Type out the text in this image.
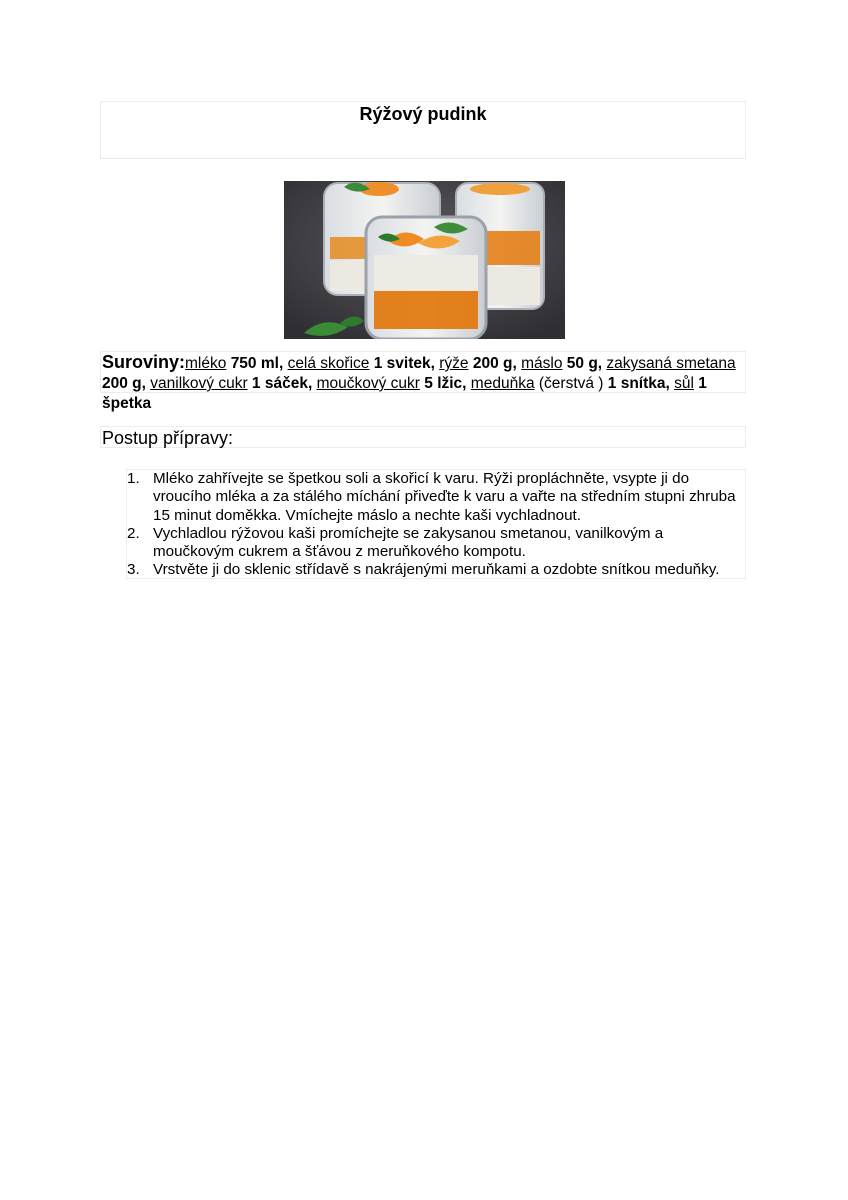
Rýžový pudink
Suroviny:mléko 750 ml, celá skořice 1 svitek, rýže 200 g, máslo 50 g, zakysaná smetana 200 g, vanilkový cukr 1 sáček, moučkový cukr 5 lžic, meduňka (čerstvá ) 1 snítka, sůl 1 špetka
Postup přípravy:
1. Mléko zahřívejte se špetkou soli a skořicí k varu. Rýži propláchněte, vsypte ji do vroucího mléka a za stálého míchání přiveďte k varu a vařte na středním stupni zhruba 15 minut doměkka. Vmíchejte máslo a nechte kaši vychladnout.
2. Vychladlou rýžovou kaši promíchejte se zakysanou smetanou, vanilkovým a moučkovým cukrem a šťávou z meruňkového kompotu.
3. Vrstvěte ji do sklenic střídavě s nakrájenými meruňkami a ozdobte snítkou meduňky.
